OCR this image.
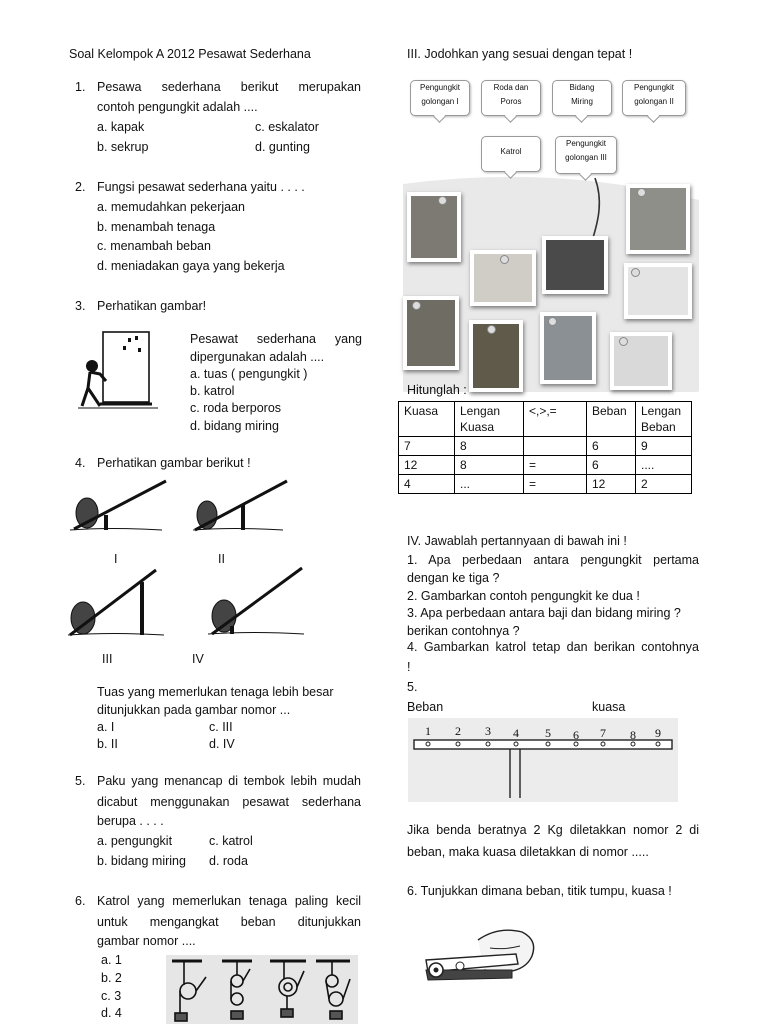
Soal Kelompok A 2012 Pesawat Sederhana
1. Pesawa sederhana berikut merupakan
contoh pengungkit adalah ....
a. kapak	c. eskalator
b. sekrup	d. gunting
2. Fungsi pesawat sederhana yaitu . . . .
a. memudahkan pekerjaan
b. menambah tenaga
c. menambah beban
d. meniadakan gaya yang bekerja
3. Perhatikan gambar!
Pesawat sederhana yang
dipergunakan adalah ....
a. tuas ( pengungkit )
b. katrol
c. roda berporos
d. bidang miring
4. Perhatikan gambar berikut !
I	II
III	IV
Tuas yang memerlukan tenaga lebih besar
ditunjukkan pada gambar nomor ...
a. I	c. III
b. II	d. IV
5. Paku yang menancap di tembok lebih mudah
dicabut menggunakan pesawat sederhana
berupa . . . .
a. pengungkit	c. katrol
b. bidang miring d. roda
6. Katrol yang memerlukan tenaga paling kecil
untuk mengangkat beban ditunjukkan
gambar nomor ....
a. 1
b. 2
c. 3
d. 4
III. Jodohkan yang sesuai dengan tepat !
Pengungkit
golongan I
Roda dan
Poros
Bidang
Miring
Pengungkit
golongan II
Katrol
Pengungkit
golongan III
Hitunglah :
Kuasa	Lengan Kuasa	<,>,=	Beban	Lengan Beban
7	8		6	9
12	8	=	6	....
4	...	=	12	2
IV. Jawablah pertannyaan di bawah ini !
1. Apa perbedaan antara pengungkit pertama
dengan ke tiga ?
2. Gambarkan contoh pengungkit ke dua !
3. Apa perbedaan antara baji dan bidang miring ?
berikan contohnya ?
4. Gambarkan katrol tetap dan berikan contohnya
!
5.
Beban	kuasa
1 2 3 4 5 6 7 8 9
Jika benda beratnya 2 Kg diletakkan nomor 2 di
beban, maka kuasa diletakkan di nomor .....
6. Tunjukkan dimana beban, titik tumpu, kuasa !
